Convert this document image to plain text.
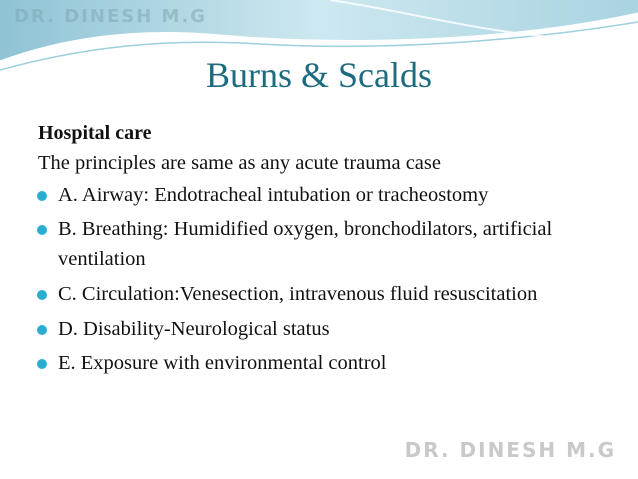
DR. DINESH M.G

Burns & Scalds

Hospital care

The principles are same as any acute trauma case

A. Airway: Endotracheal intubation or tracheostomy
B. Breathing: Humidified oxygen, bronchodilators, artificial ventilation
C. Circulation:Venesection, intravenous fluid resuscitation
D. Disability-Neurological status
E. Exposure with environmental control

DR. DINESH M.G
